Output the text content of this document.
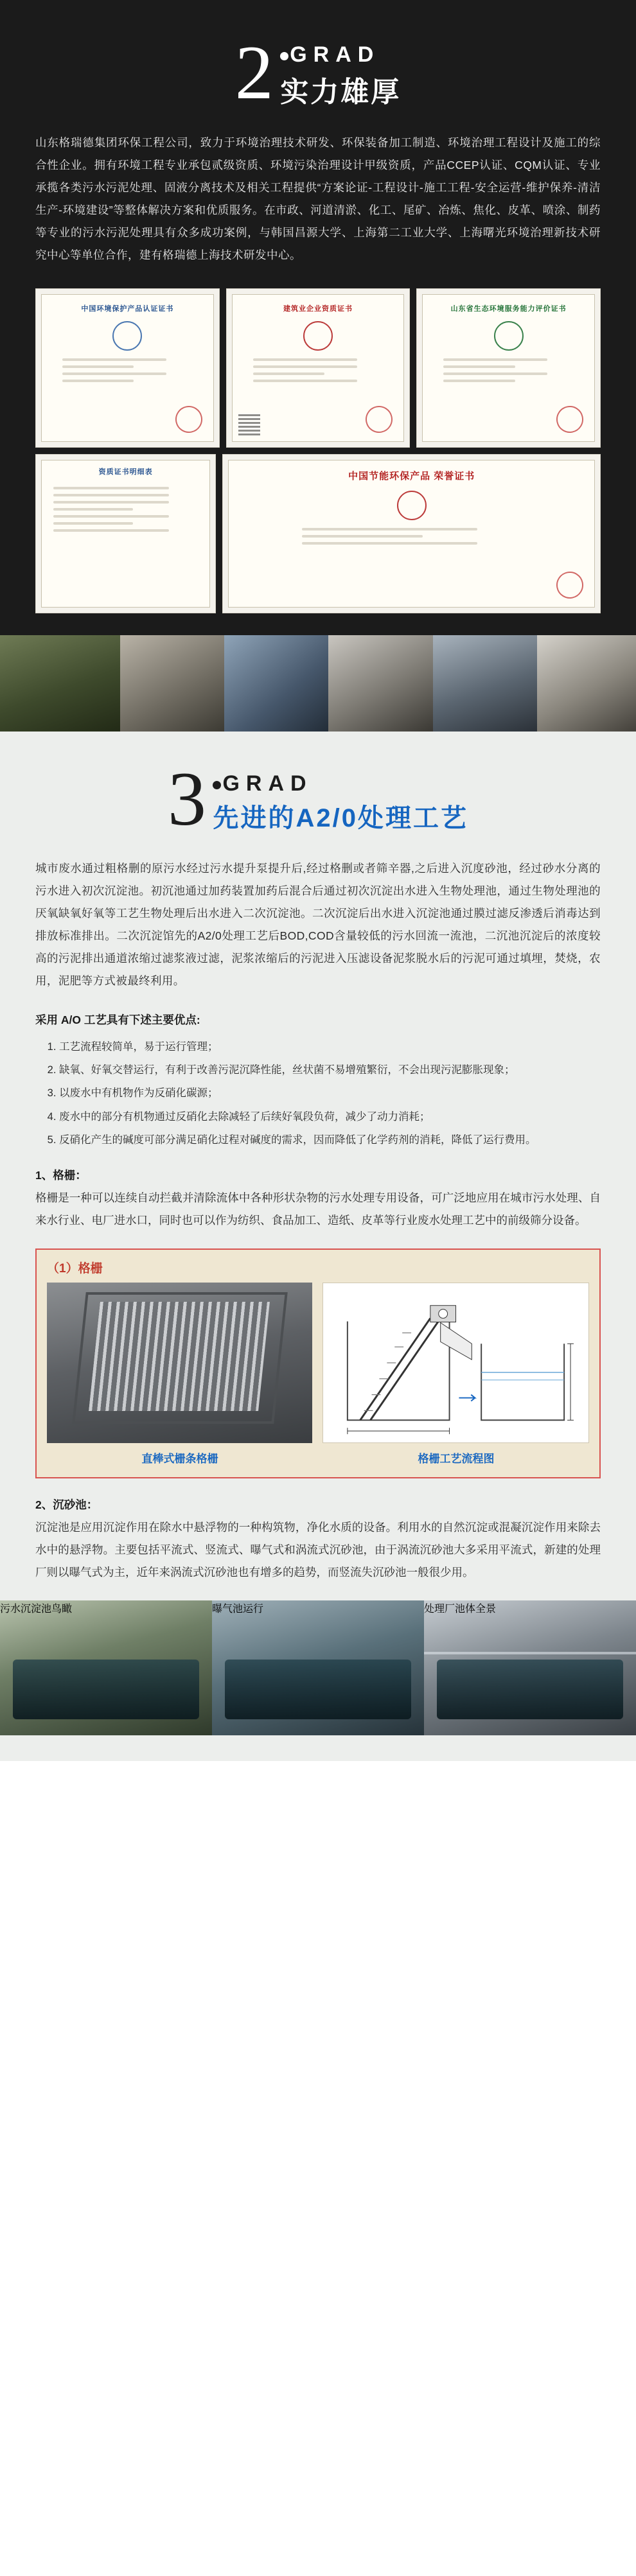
2 GRAD
实力雄厚

山东格瑞德集团环保工程公司，致力于环境治理技术研发、环保装备加工制造、环境治理工程设计及施工的综合性企业。拥有环境工程专业承包贰级资质、环境污染治理设计甲级资质，产品CCEP认证、CQM认证、专业承揽各类污水污泥处理、固液分离技术及相关工程提供“方案论证-工程设计-施工工程-安全运营-维护保养-清洁生产-环境建设”等整体解决方案和优质服务。在市政、河道清淤、化工、尾矿、冶炼、焦化、皮革、喷涂、制药等专业的污水污泥处理具有众多成功案例，与韩国昌源大学、上海第二工业大学、上海曙光环境治理新技术研究中心等单位合作，建有格瑞德上海技术研发中心。

中国环境保护产品认证证书	建筑业企业资质证书	山东省生态环境服务能力评价证书
资质证书明细表	中国节能环保产品 荣誉证书
3 GRAD
先进的A2/0处理工艺

城市废水通过粗格删的原污水经过污水提升泵提升后,经过格删或者筛辛器,之后进入沉度砂池，经过砂水分离的污水进入初次沉淀池。初沉池通过加药装置加药后混合后通过初次沉淀出水进入生物处理池，通过生物处理池的厌氧缺氧好氧等工艺生物处理后出水进入二次沉淀池。二次沉淀后出水进入沉淀池通过膜过滤反渗透后消毒达到排放标准排出。二次沉淀馆先的A2/0处理工艺后BOD,COD含量较低的污水回流一流池，二沉池沉淀后的浓度较高的污泥排出通道浓缩过滤浆液过滤，泥浆浓缩后的污泥进入压滤设备泥浆脱水后的污泥可通过填埋，焚烧，农用，泥肥等方式被最终利用。

采用 A/O 工艺具有下述主要优点:

1. 工艺流程较简单，易于运行管理；
2. 缺氧、好氧交替运行，有利于改善污泥沉降性能，丝状菌不易增殖繁衍，不会出现污泥膨胀现象；
3. 以废水中有机物作为反硝化碳源；
4. 废水中的部分有机物通过反硝化去除减轻了后续好氧段负荷，减少了动力消耗；
5. 反硝化产生的碱度可部分满足硝化过程对碱度的需求，因而降低了化学药剂的消耗，降低了运行费用。
1、格栅：

格栅是一种可以连续自动拦截并清除流体中各种形状杂物的污水处理专用设备，可广泛地应用在城市污水处理、自来水行业、电厂进水口，同时也可以作为纺织、食品加工、造纸、皮革等行业废水处理工艺中的前级筛分设备。

（1）格栅
直棒式栅条格栅	格栅工艺流程图
2、沉砂池：

沉淀池是应用沉淀作用在除水中悬浮物的一种构筑物，净化水质的设备。利用水的自然沉淀或混凝沉淀作用来除去水中的悬浮物。主要包括平流式、竖流式、曝气式和涡流式沉砂池，由于涡流沉砂池大多采用平流式，新建的处理厂则以曝气式为主，近年来涡流式沉砂池也有增多的趋势，而竖流失沉砂池一般很少用。

污水沉淀池鸟瞰	曝气池运行	处理厂池体全景
